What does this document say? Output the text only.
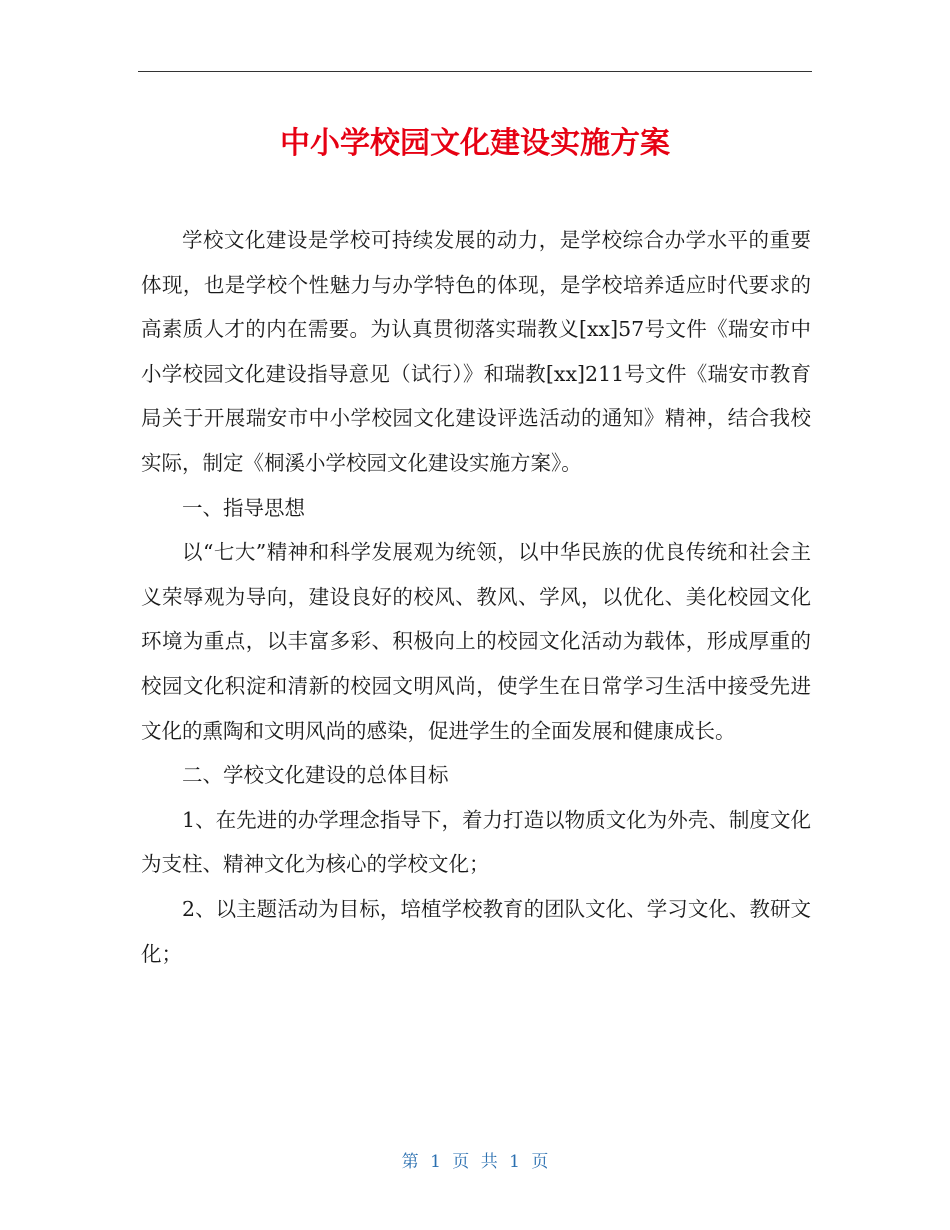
中小学校园文化建设实施方案

学校文化建设是学校可持续发展的动力，是学校综合办学水平的重要体现，也是学校个性魅力与办学特色的体现，是学校培养适应时代要求的高素质人才的内在需要。为认真贯彻落实瑞教义[xx]57号文件《瑞安市中小学校园文化建设指导意见（试行）》和瑞教[xx]211号文件《瑞安市教育局关于开展瑞安市中小学校园文化建设评选活动的通知》精神，结合我校实际，制定《桐溪小学校园文化建设实施方案》。

一、指导思想

以“七大”精神和科学发展观为统领，以中华民族的优良传统和社会主义荣辱观为导向，建设良好的校风、教风、学风，以优化、美化校园文化环境为重点，以丰富多彩、积极向上的校园文化活动为载体，形成厚重的校园文化积淀和清新的校园文明风尚，使学生在日常学习生活中接受先进文化的熏陶和文明风尚的感染，促进学生的全面发展和健康成长。

二、学校文化建设的总体目标

1、在先进的办学理念指导下，着力打造以物质文化为外壳、制度文化为支柱、精神文化为核心的学校文化；

2、以主题活动为目标，培植学校教育的团队文化、学习文化、教研文化；

第 1 页 共 1 页
